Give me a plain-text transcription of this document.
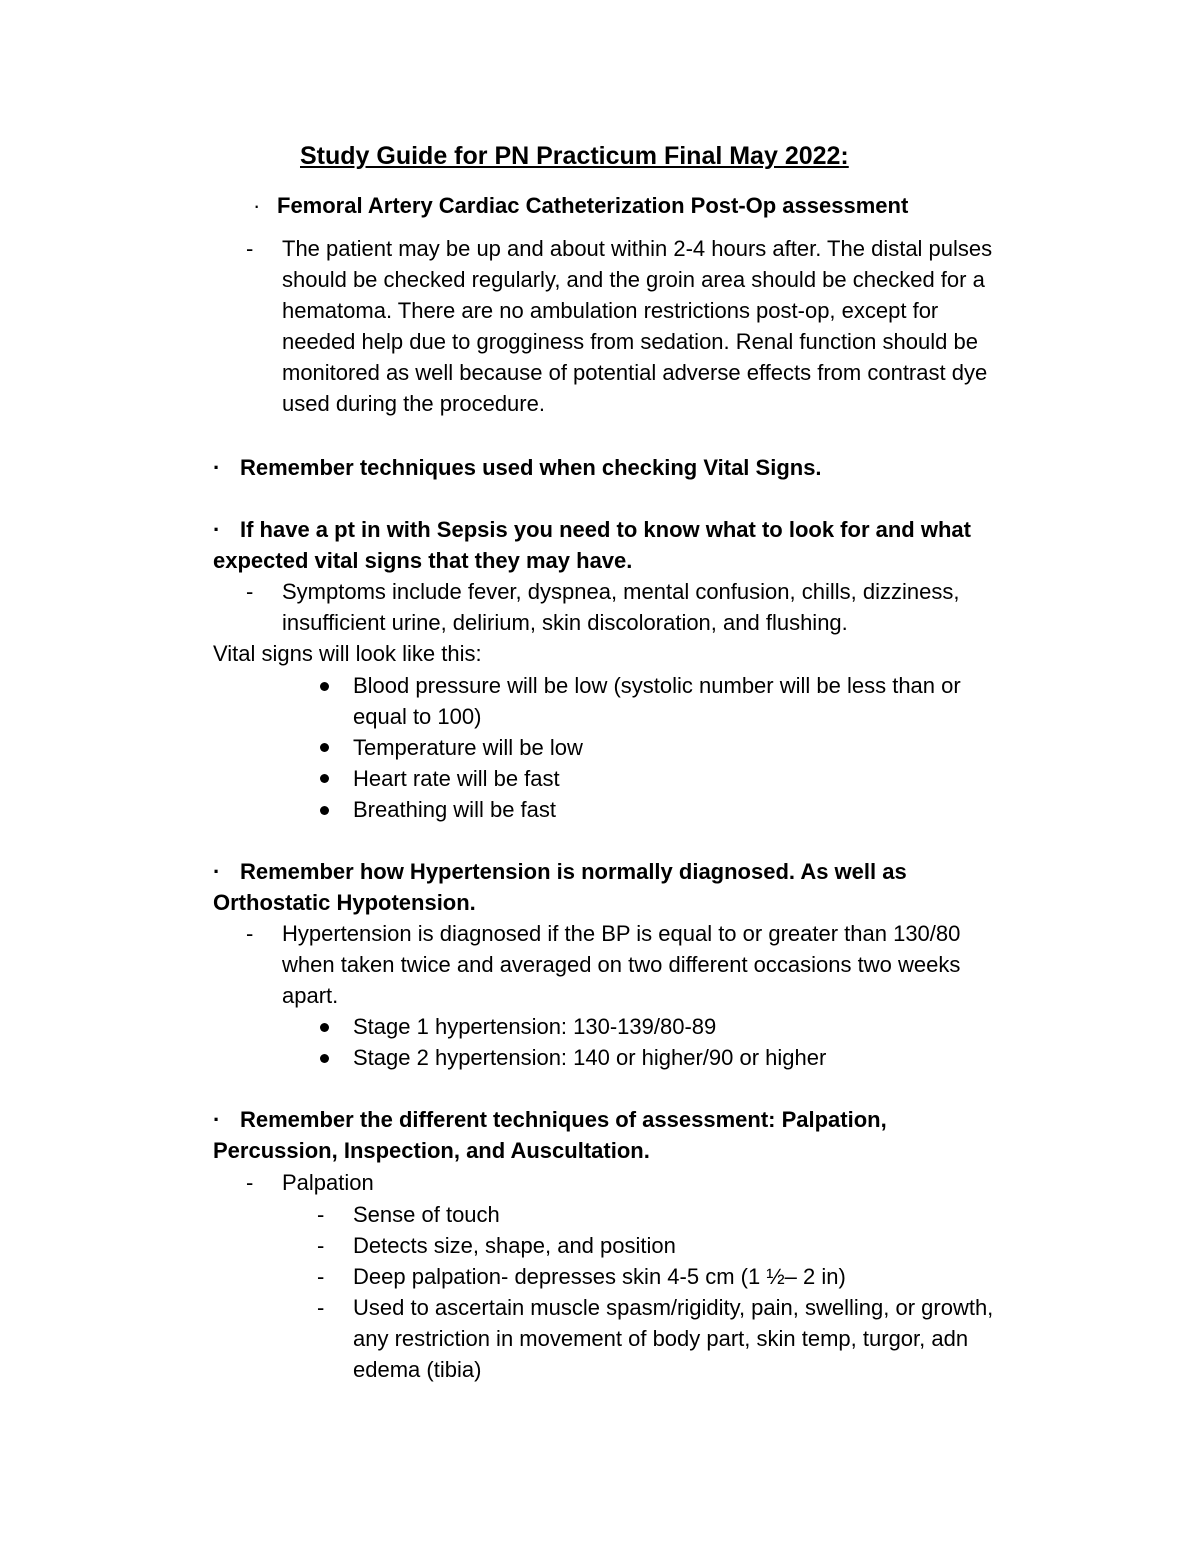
Study Guide for PN Practicum Final May 2022:
· Femoral Artery Cardiac Catheterization Post-Op assessment
- The patient may be up and about within 2-4 hours after. The distal pulses
should be checked regularly, and the groin area should be checked for a
hematoma. There are no ambulation restrictions post-op, except for
needed help due to grogginess from sedation. Renal function should be
monitored as well because of potential adverse effects from contrast dye
used during the procedure.
· Remember techniques used when checking Vital Signs.
· If have a pt in with Sepsis you need to know what to look for and what
expected vital signs that they may have.
- Symptoms include fever, dyspnea, mental confusion, chills, dizziness,
insufficient urine, delirium, skin discoloration, and flushing.
Vital signs will look like this:
Blood pressure will be low (systolic number will be less than or
equal to 100)
Temperature will be low
Heart rate will be fast
Breathing will be fast
· Remember how Hypertension is normally diagnosed. As well as
Orthostatic Hypotension.
- Hypertension is diagnosed if the BP is equal to or greater than 130/80
when taken twice and averaged on two different occasions two weeks
apart.
Stage 1 hypertension: 130-139/80-89
Stage 2 hypertension: 140 or higher/90 or higher
· Remember the different techniques of assessment: Palpation,
Percussion, Inspection, and Auscultation.
- Palpation
- Sense of touch
- Detects size, shape, and position
- Deep palpation- depresses skin 4-5 cm (1 ½– 2 in)
- Used to ascertain muscle spasm/rigidity, pain, swelling, or growth,
any restriction in movement of body part, skin temp, turgor, adn
edema (tibia)
